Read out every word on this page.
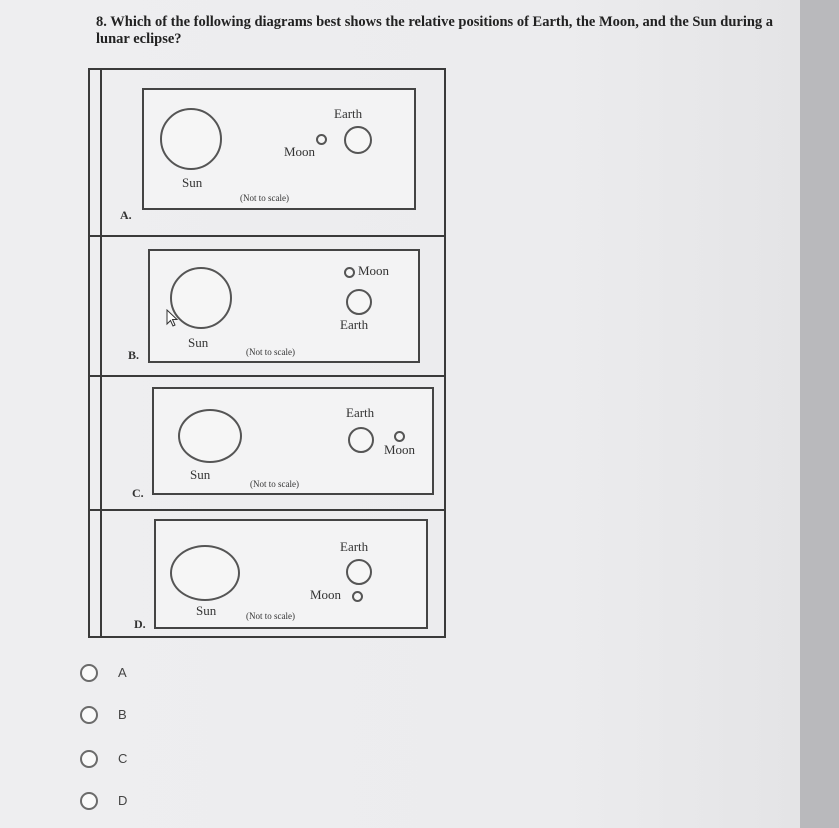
8. Which of the following diagrams best shows the relative positions of Earth, the Moon, and the Sun during a lunar eclipse?
A.
Sun
Moon
Earth
(Not to scale)
B.
Sun
Moon
Earth
(Not to scale)
C.
Sun
Earth
Moon
(Not to scale)
D.
Sun
Earth
Moon
(Not to scale)
A
B
C
D
